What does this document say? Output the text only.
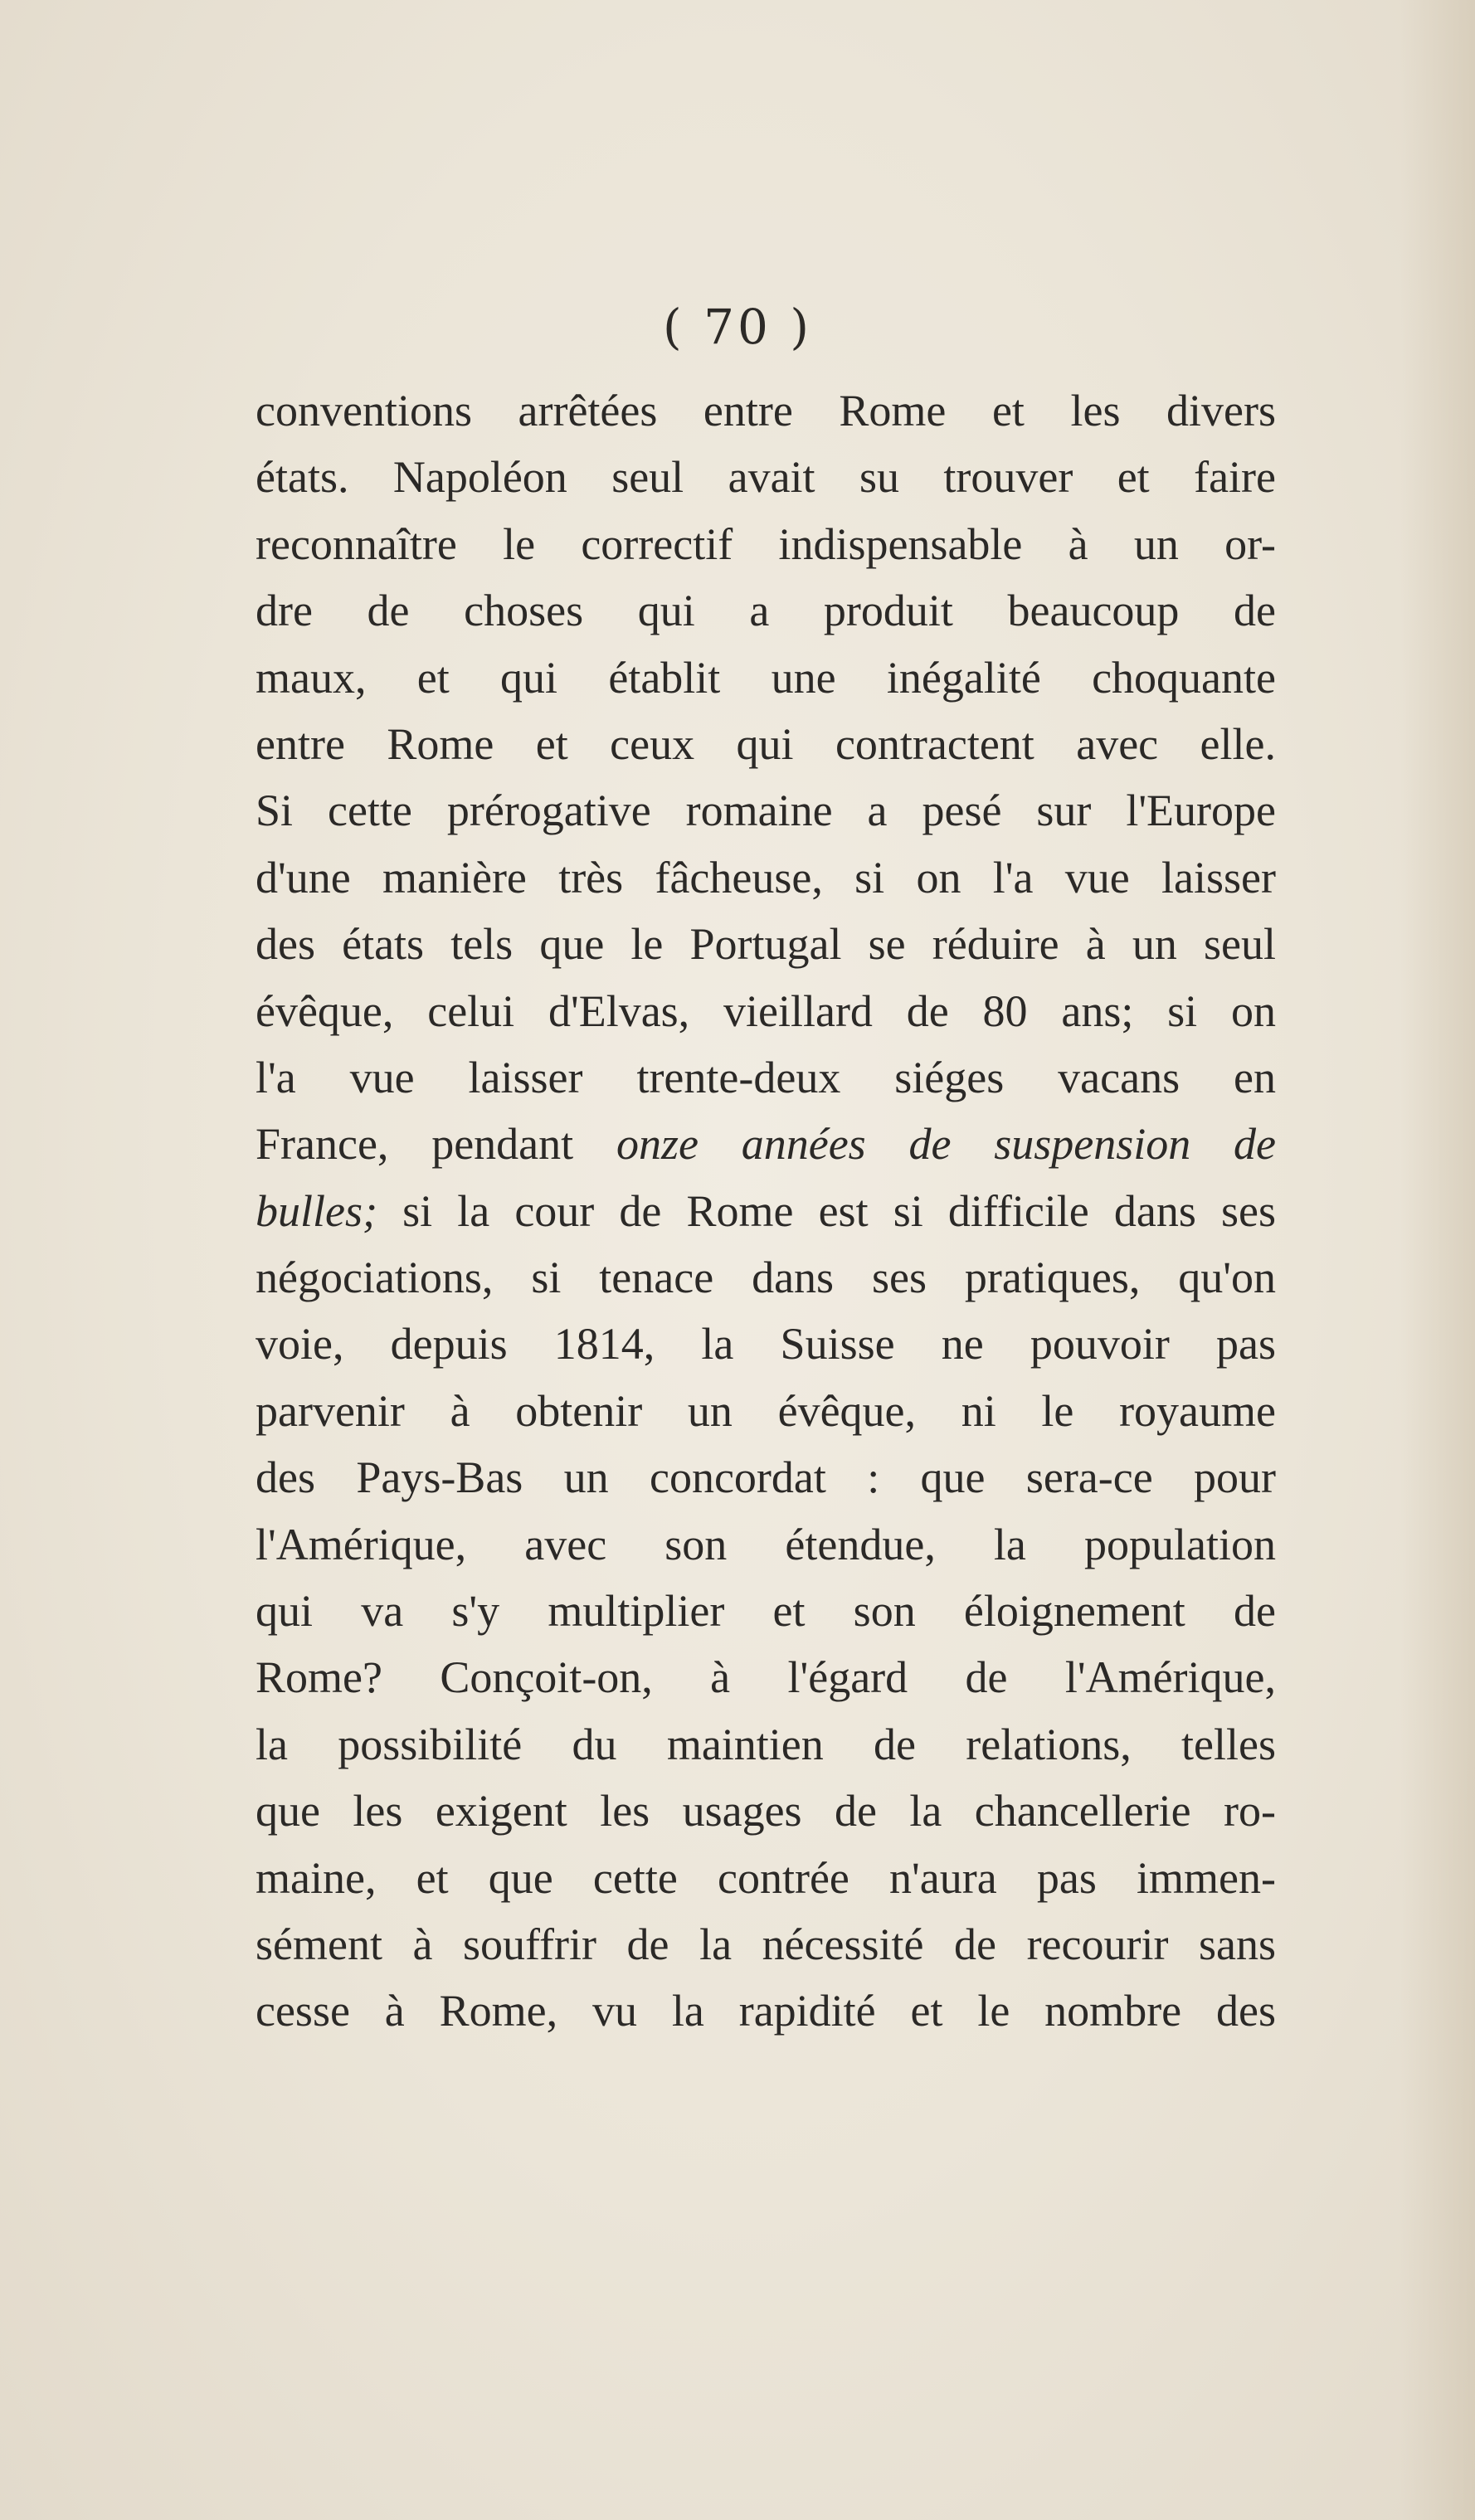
( 70 )
conventions arrêtées entre Rome et les divers
états. Napoléon seul avait su trouver et faire
reconnaître le correctif indispensable à un or-
dre de choses qui a produit beaucoup de
maux, et qui établit une inégalité choquante
entre Rome et ceux qui contractent avec elle.
Si cette prérogative romaine a pesé sur l'Europe
d'une manière très fâcheuse, si on l'a vue laisser
des états tels que le Portugal se réduire à un seul
évêque, celui d'Elvas, vieillard de 80 ans; si on
l'a vue laisser trente-deux siéges vacans en
France, pendant onze années de suspension de
bulles; si la cour de Rome est si difficile dans ses
négociations, si tenace dans ses pratiques, qu'on
voie, depuis 1814, la Suisse ne pouvoir pas
parvenir à obtenir un évêque, ni le royaume
des Pays-Bas un concordat : que sera-ce pour
l'Amérique, avec son étendue, la population
qui va s'y multiplier et son éloignement de
Rome? Conçoit-on, à l'égard de l'Amérique,
la possibilité du maintien de relations, telles
que les exigent les usages de la chancellerie ro-
maine, et que cette contrée n'aura pas immen-
sément à souffrir de la nécessité de recourir sans
cesse à Rome, vu la rapidité et le nombre des
